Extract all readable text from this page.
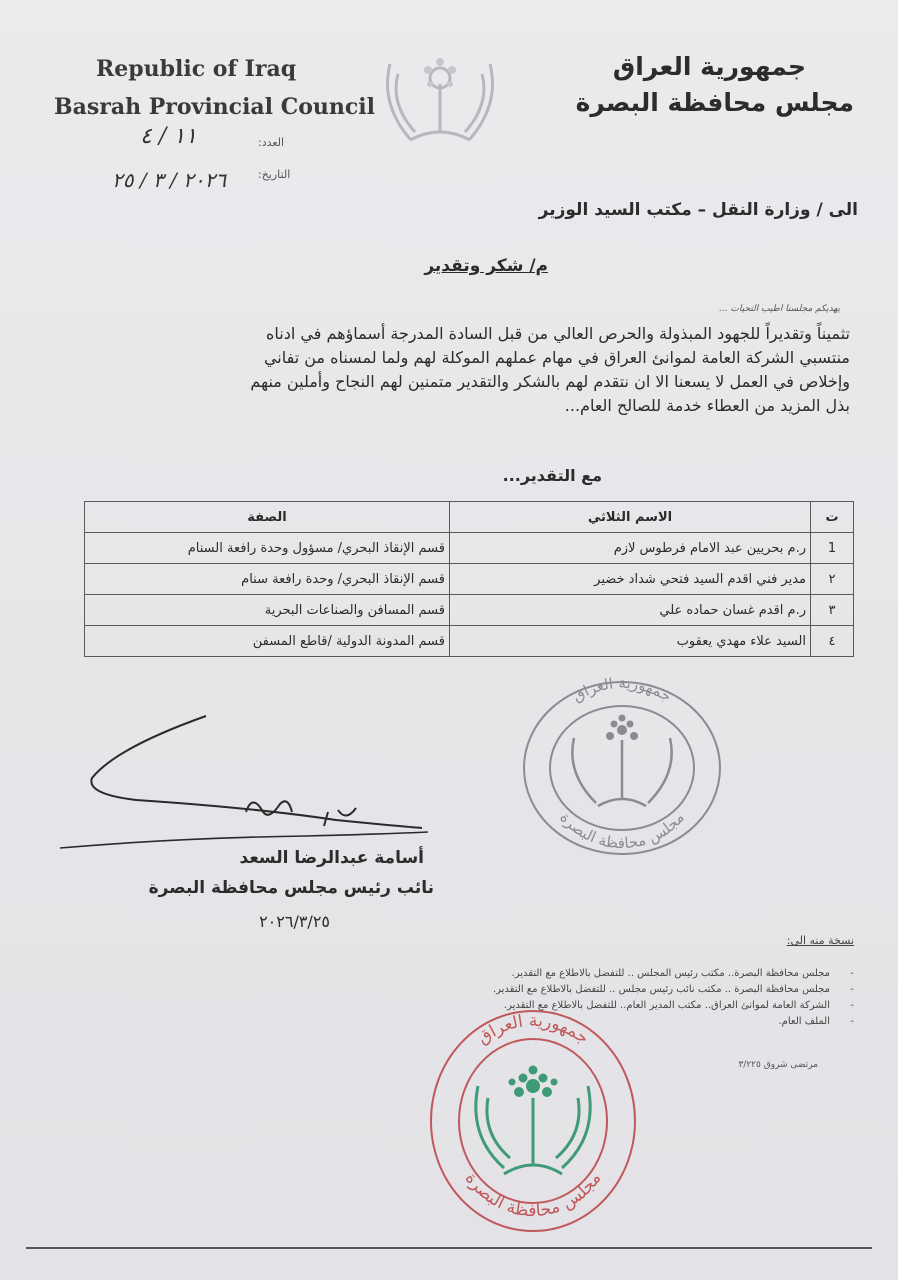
Republic of Iraq
Basrah Provincial Council
جمهورية العراق
مجلس محافظة البصرة
العدد:
١١ / ٤
التاريخ:
٢٠٢٦ / ٣ / ٢٥
الى / وزارة النقل – مكتب السيد الوزير
م/ شكر وتقدير
يهديكم مجلسنا اطيب التحيات ...
تثميناً وتقديراً للجهود المبذولة والحرص العالي من قبل السادة المدرجة أسماؤهم في ادناه
منتسبي الشركة العامة لموانئ العراق في مهام عملهم الموكلة لهم ولما لمسناه من تفاني
وإخلاص في العمل لا يسعنا الا ان نتقدم لهم بالشكر والتقدير متمنين لهم النجاح وأملين منهم
بذل المزيد من العطاء خدمة للصالح العام...
مع التقدير...
ت	الاسم الثلاثي	الصفة
1	ر.م بحريين عبد الامام فرطوس لازم	قسم الإنقاذ البحري/ مسؤول وحدة رافعة السنام
٢	مدير فني اقدم السيد فتحي شداد خضير	قسم الإنقاذ البحري/ وحدة رافعة سنام
٣	ر.م اقدم غسان حماده علي	قسم المسافن والصناعات البحرية
٤	السيد علاء مهدي يعقوب	قسم المدونة الدولية /قاطع المسفن
جمهورية العراق
مجلس محافظة البصرة
أسامة عبدالرضا السعد
نائب رئيس مجلس محافظة البصرة
٢٠٢٦/٣/٢٥
نسخة منه الى:
-مجلس محافظة البصرة.. مكتب رئيس المجلس .. للتفضل بالاطلاع مع التقدير.
-مجلس محافظة البصرة .. مكتب نائب رئيس مجلس .. للتفضل بالاطلاع مع التقدير.
-الشركة العامة لموانئ العراق.. مكتب المدير العام.. للتفضل بالاطلاع مع التقدير.
-الملف العام.
مرتضى شروق ٣/٢٢٥
جمهورية العراق
مجلس محافظة البصرة
